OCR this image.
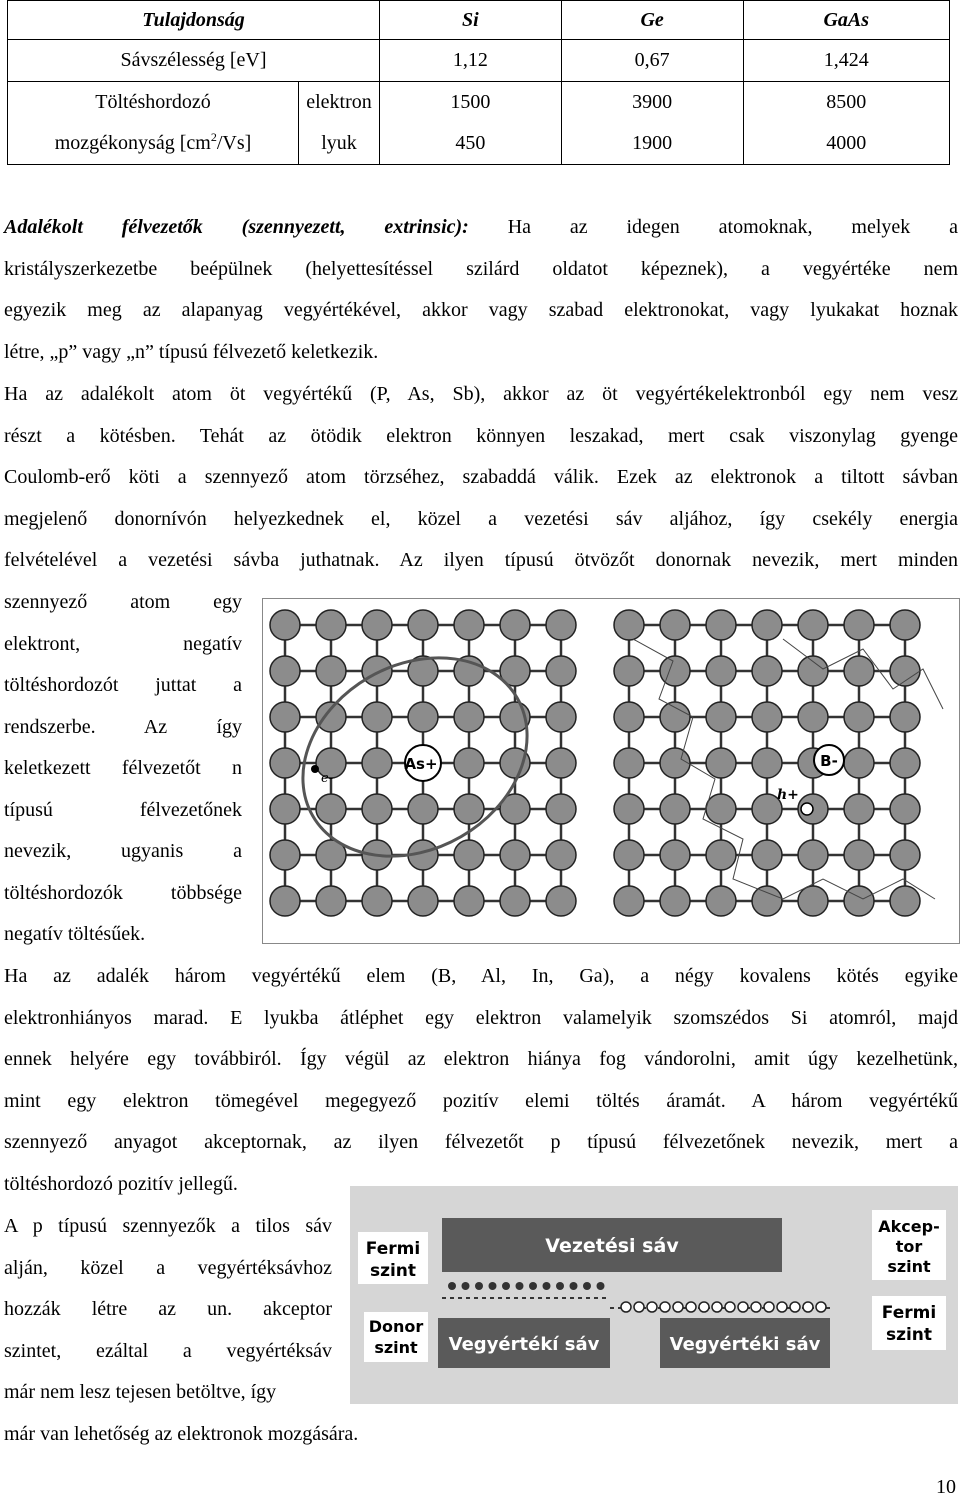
Tulajdonság		Si	Ge	GaAs
Sávszélesség [eV]		1,12	0,67	1,424
Töltéshordozó	elektron	1500	3900	8500
mozgékonyság $[cm^2/Vs]$	lyuk	450	1900	4000
Adalékolt félvezetők (szennyezett, extrinsic): Ha az idegen atomoknak, melyek a
kristályszerkezetbe beépülnek (helyettesítéssel szilárd oldatot képeznek), a vegyértéke nem
egyezik meg az alapanyag vegyértékével, akkor vagy szabad elektronokat, vagy lyukakat hoznak
létre, „p” vagy „n” típusú félvezető keletkezik.
Ha az adalékolt atom öt vegyértékű (P, As, Sb), akkor az öt vegyértékelektronból egy nem vesz
részt a kötésben. Tehát az ötödik elektron könnyen leszakad, mert csak viszonylag gyenge
Coulomb-erő köti a szennyező atom törzséhez, szabaddá válik. Ezek az elektronok a tiltott sávban
megjelenő donornívón helyezkednek el, közel a vezetési sáv aljához, így csekély energia
felvételével a vezetési sávba juthatnak. Az ilyen típusú ötvözőt donornak nevezik, mert minden
szennyező atom egy
elektront, negatív
töltéshordozót juttat a
rendszerbe. Az így
keletkezett félvezetőt n
típusú félvezetőnek
nevezik, ugyanis a
töltéshordozók többsége
negatív töltésűek.
As+
e-
B-
h+
Ha az adalék három vegyértékű elem (B, Al, In, Ga), a négy kovalens kötés egyike
elektronhiányos marad. E lyukba átléphet egy elektron valamelyik szomszédos Si atomról, majd
ennek helyére egy továbbiról. Így végül az elektron hiánya fog vándorolni, amit úgy kezelhetünk,
mint egy elektron tömegével megegyező pozitív elemi töltés áramát. A három vegyértékű
szennyező anyagot akceptornak, az ilyen félvezetőt p típusú félvezetőnek nevezik, mert a
töltéshordozó pozitív jellegű.
A p típusú szennyezők a tilos sáv
alján, közel a vegyértéksávhoz
hozzák létre az un. akceptor
szintet, ezáltal a vegyértéksáv
már nem lesz tejesen betöltve, így
már van lehetőség az elektronok mozgására.
Vezetési sáv
Vegyértékí sáv	Vegyértéki sáv
Fermi
szint
Donor
szint
Akcep-
tor
szint
Fermi
szint
10
